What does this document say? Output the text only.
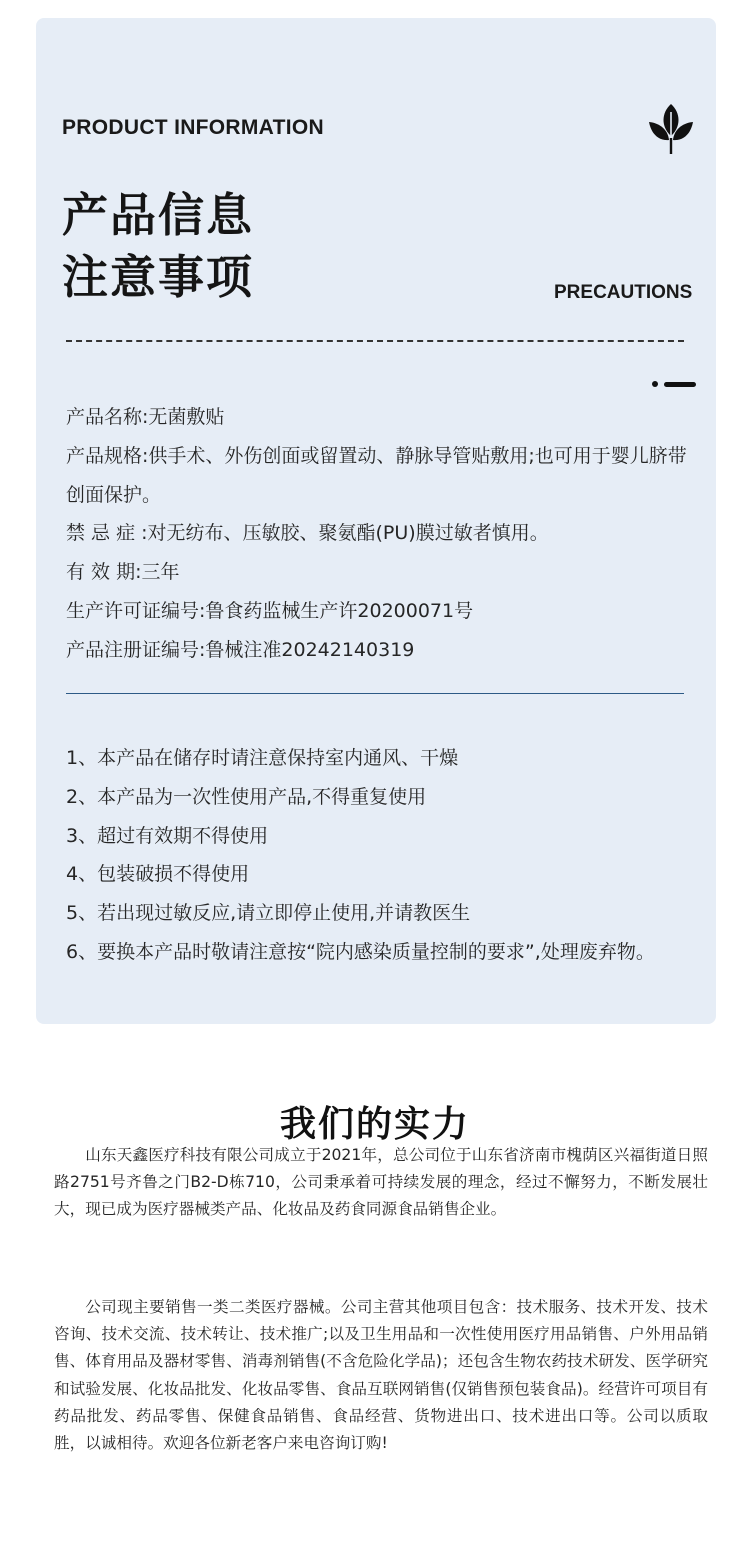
PRODUCT INFORMATION
产品信息
注意事项	PRECAUTIONS

产品名称:无菌敷贴

产品规格:供手术、外伤创面或留置动、静脉导管贴敷用;也可用于婴儿脐带创面保护。

禁 忌 症 :对无纺布、压敏胶、聚氨酯(PU)膜过敏者慎用。

有 效 期:三年

生产许可证编号:鲁食药监械生产许20200071号

产品注册证编号:鲁械注准20242140319

1、本产品在储存时请注意保持室内通风、干燥

2、本产品为一次性使用产品,不得重复使用

3、超过有效期不得使用

4、包装破损不得使用

5、若出现过敏反应,请立即停止使用,并请教医生

6、要换本产品时敬请注意按“院内感染质量控制的要求”,处理废弃物。

我们的实力

山东天鑫医疗科技有限公司成立于2021年，总公司位于山东省济南市槐荫区兴福街道日照路2751号齐鲁之门B2-D栋710，公司秉承着可持续发展的理念，经过不懈努力，不断发展壮大，现已成为医疗器械类产品、化妆品及药食同源食品销售企业。

公司现主要销售一类二类医疗器械。公司主营其他项目包含：技术服务、技术开发、技术咨询、技术交流、技术转让、技术推广;以及卫生用品和一次性使用医疗用品销售、户外用品销售、体育用品及器材零售、消毒剂销售(不含危险化学品)；还包含生物农药技术研发、医学研究和试验发展、化妆品批发、化妆品零售、食品互联网销售(仅销售预包装食品)。经营许可项目有药品批发、药品零售、保健食品销售、食品经营、货物进出口、技术进出口等。公司以质取胜，以诚相待。欢迎各位新老客户来电咨询订购!
